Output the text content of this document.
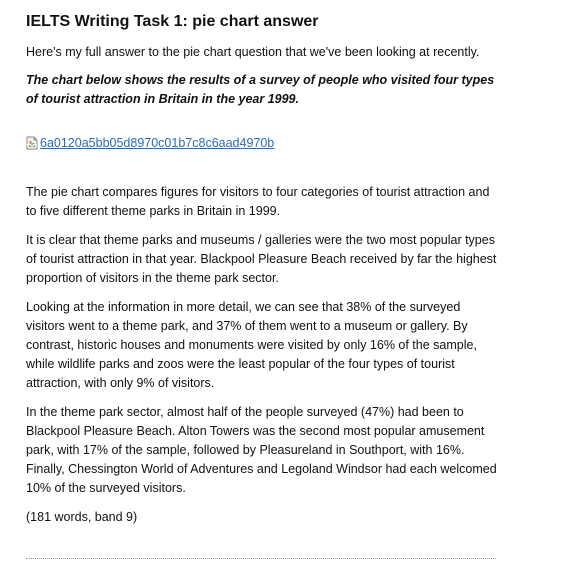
IELTS Writing Task 1: pie chart answer

Here's my full answer to the pie chart question that we've been looking at recently.

The chart below shows the results of a survey of people who visited four types of tourist attraction in Britain in the year 1999.

6a0120a5bb05d8970c01b7c8c6aad4970b

The pie chart compares figures for visitors to four categories of tourist attraction and to five different theme parks in Britain in 1999.

It is clear that theme parks and museums / galleries were the two most popular types of tourist attraction in that year. Blackpool Pleasure Beach received by far the highest proportion of visitors in the theme park sector.

Looking at the information in more detail, we can see that 38% of the surveyed visitors went to a theme park, and 37% of them went to a museum or gallery. By contrast, historic houses and monuments were visited by only 16% of the sample, while wildlife parks and zoos were the least popular of the four types of tourist attraction, with only 9% of visitors.

In the theme park sector, almost half of the people surveyed (47%) had been to Blackpool Pleasure Beach. Alton Towers was the second most popular amusement park, with 17% of the sample, followed by Pleasureland in Southport, with 16%. Finally, Chessington World of Adventures and Legoland Windsor had each welcomed 10% of the surveyed visitors.

(181 words, band 9)
